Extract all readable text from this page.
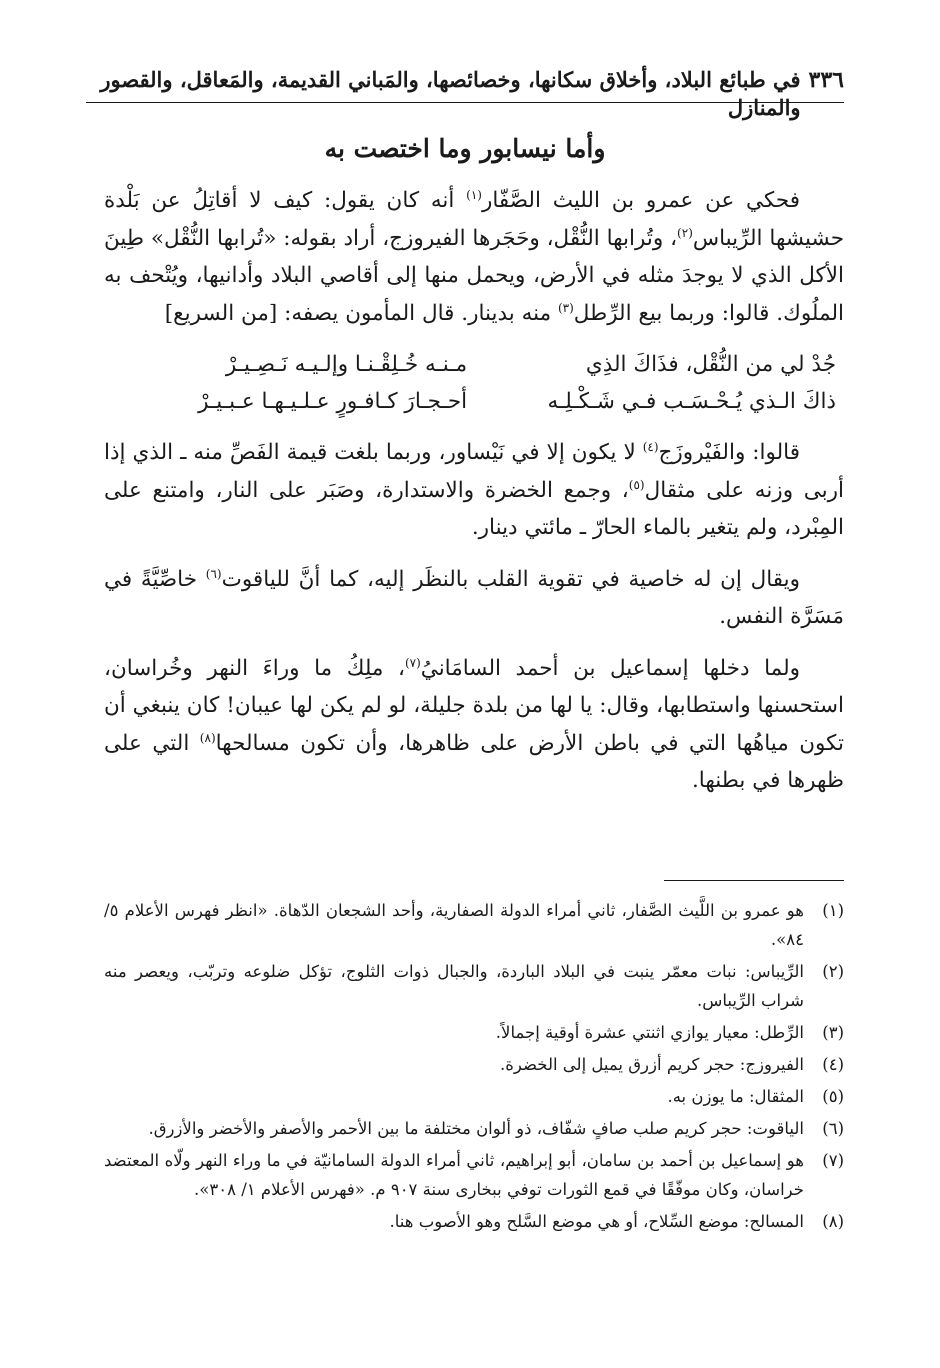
٣٣٦
في طبائع البلاد، وأخلاق سكانها، وخصائصها، والمَباني القديمة، والمَعاقل، والقصور والمنازل
وأما نيسابور وما اختصت به

فحكي عن عمرو بن الليث الصَّفّار$^{(١)}$ أنه كان يقول: كيف لا أقاتِلُ عن بَلْدة حشيشها الرِّيباس$^{(٢)}$، وتُرابها النُّقْل، وحَجَرها الفيروزج، أراد بقوله: «تُرابها النُّقْل» طِينَ الأكل الذي لا يوجدَ مثله في الأرض، ويحمل منها إلى أقاصي البلاد وأدانيها، ويُتْحف به الملُوك. قالوا: وربما بيع الرِّطل$^{(٣)}$ منه بدينار. قال المأمون يصفه: [من السريع]

جُدْ لي من النُّقْل، فذَاكَ الذِي
مـنـه خُـلِقْـنـا وإلـيـه نَـصِـيـرْ
ذاكَ الـذي يُـحْـسَـب فـي شَـكْـلِـه
أحـجـارَ كـافـورٍ عـلـيـهـا عـبـيـرْ

قالوا: والفَيْروزَج$^{(٤)}$ لا يكون إلا في نَيْساور، وربما بلغت قيمة الفَصِّ منه ـ الذي إذا أربى وزنه على مثقال$^{(٥)}$، وجمع الخضرة والاستدارة، وصَبَر على النار، وامتنع على المِبْرد، ولم يتغير بالماء الحارّ ـ مائتي دينار.

ويقال إن له خاصية في تقوية القلب بالنظَر إليه، كما أنَّ للياقوت$^{(٦)}$ خاصِّيَّةً في مَسَرَّة النفس.

ولما دخلها إسماعيل بن أحمد السامَانيُ$^{(٧)}$، ملِكُ ما وراءَ النهر وخُراسان، استحسنها واستطابها، وقال: يا لها من بلدة جليلة، لو لم يكن لها عيبان! كان ينبغي أن تكون مياهُها التي في باطن الأرض على ظاهرها، وأن تكون مسالحها$^{(٨)}$ التي على ظهرها في بطنها.

(١)
هو عمرو بن اللَّيث الصَّفار، ثاني أمراء الدولة الصفارية، وأحد الشجعان الدّهاة. «انظر فهرس الأعلام ٥/ ٨٤».
(٢)
الرِّيباس: نبات معمّر ينبت في البلاد الباردة، والجبال ذوات الثلوج، تؤكل ضلوعه وتربّب، ويعصر منه شراب الرِّيباس.
(٣)
الرِّطل: معيار يوازي اثنتي عشرة أوقية إجمالاً.
(٤)
الفيروزج: حجر كريم أزرق يميل إلى الخضرة.
(٥)
المثقال: ما يوزن به.
(٦)
الياقوت: حجر كريم صلب صافٍ شفّاف، ذو ألوان مختلفة ما بين الأحمر والأصفر والأخضر والأزرق.
(٧)
هو إسماعيل بن أحمد بن سامان، أبو إبراهيم، ثاني أمراء الدولة السامانيّة في ما وراء النهر ولّاه المعتضد خراسان، وكان موفّقًا في قمع الثورات توفي ببخارى سنة ٩٠٧ م. «فهرس الأعلام ١/ ٣٠٨».
(٨)
المسالح: موضع السِّلاح، أو هي موضع السَّلح وهو الأصوب هنا.
